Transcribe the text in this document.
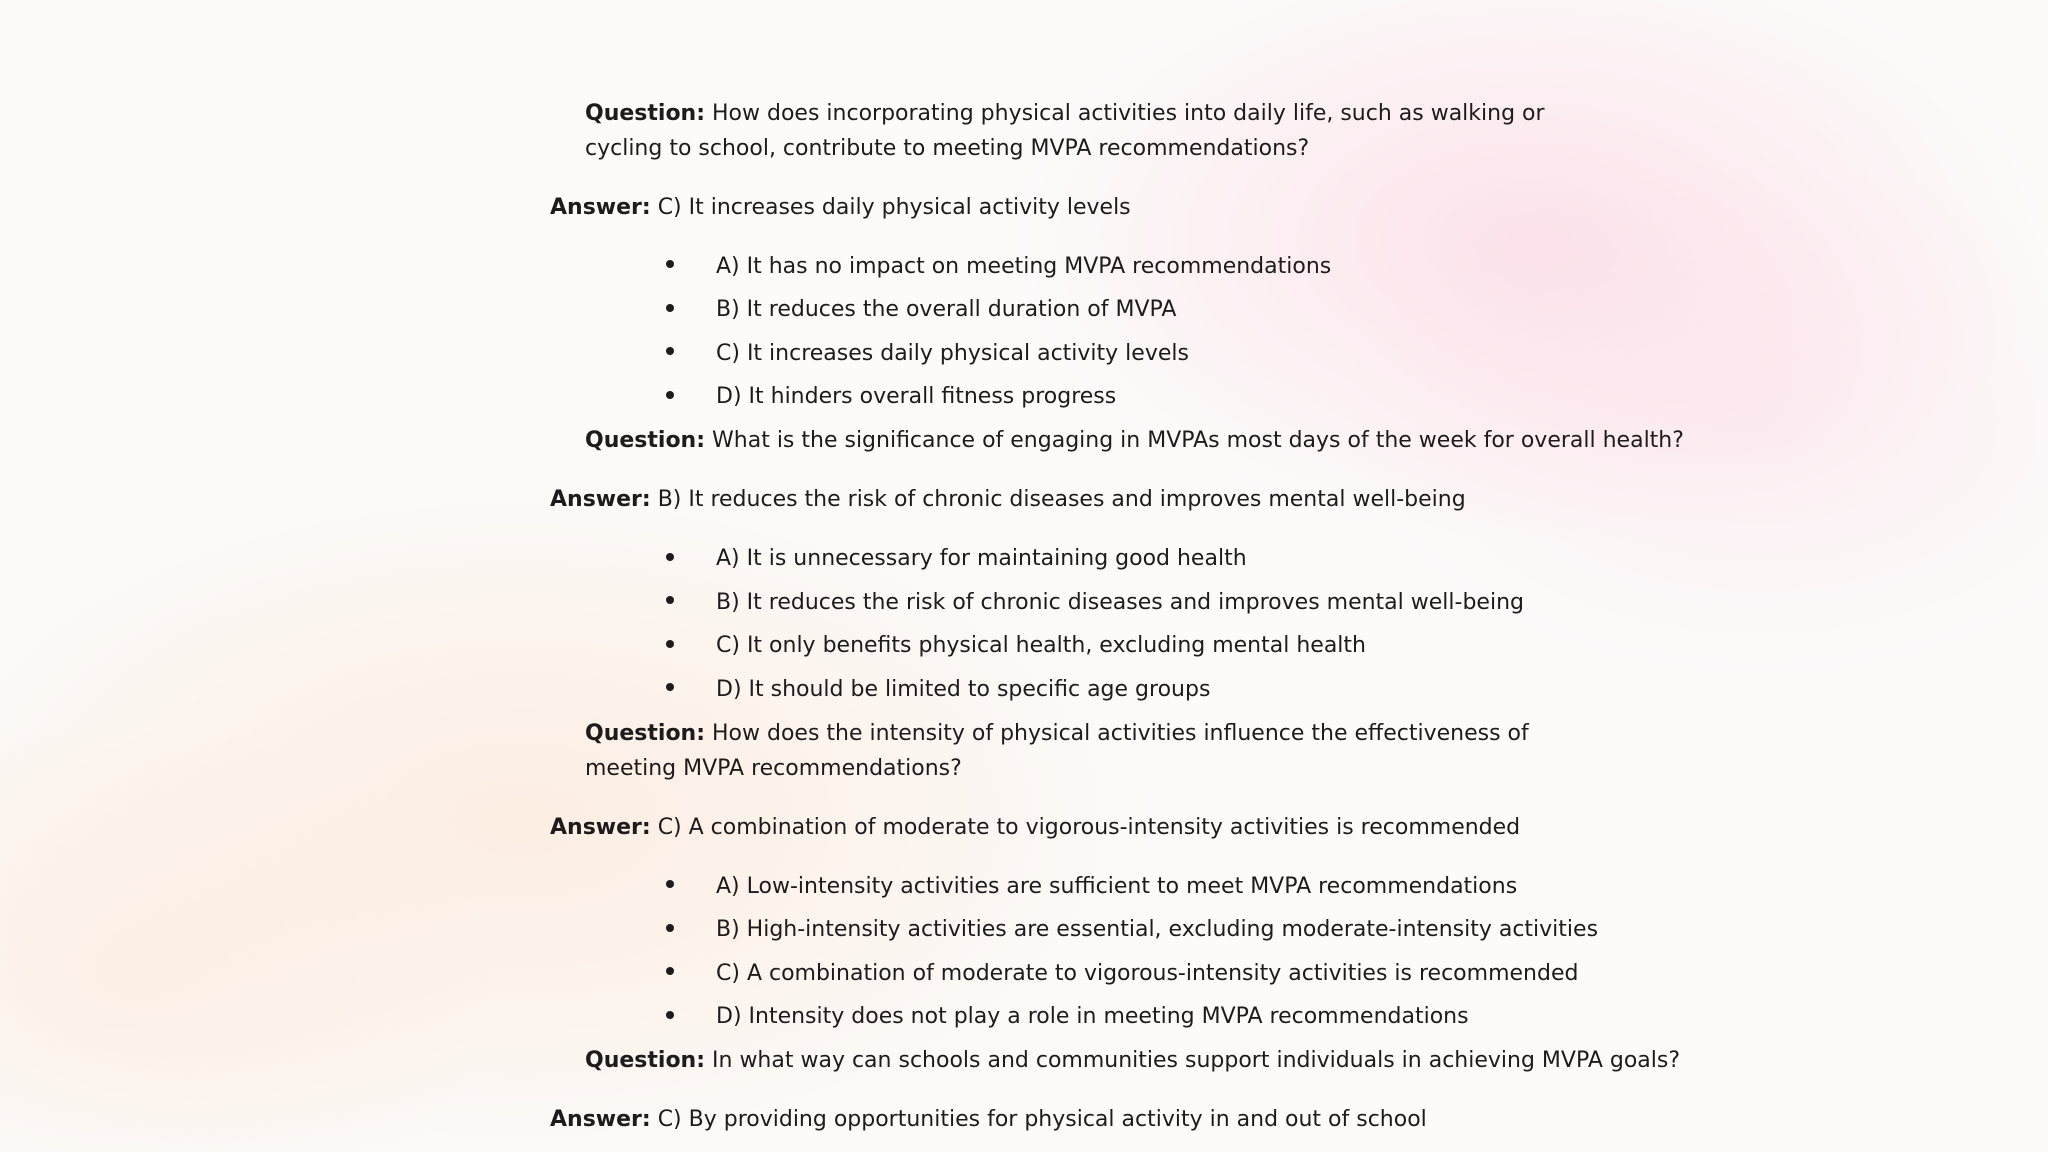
Question: How does incorporating physical activities into daily life, such as walking or cycling to school, contribute to meeting MVPA recommendations?
Answer: C) It increases daily physical activity levels
A) It has no impact on meeting MVPA recommendations
B) It reduces the overall duration of MVPA
C) It increases daily physical activity levels
D) It hinders overall fitness progress
Question: What is the significance of engaging in MVPAs most days of the week for overall health?
Answer: B) It reduces the risk of chronic diseases and improves mental well-being
A) It is unnecessary for maintaining good health
B) It reduces the risk of chronic diseases and improves mental well-being
C) It only benefits physical health, excluding mental health
D) It should be limited to specific age groups
Question: How does the intensity of physical activities influence the effectiveness of meeting MVPA recommendations?
Answer: C) A combination of moderate to vigorous-intensity activities is recommended
A) Low-intensity activities are sufficient to meet MVPA recommendations
B) High-intensity activities are essential, excluding moderate-intensity activities
C) A combination of moderate to vigorous-intensity activities is recommended
D) Intensity does not play a role in meeting MVPA recommendations
Question: In what way can schools and communities support individuals in achieving MVPA goals?
Answer: C) By providing opportunities for physical activity in and out of school
